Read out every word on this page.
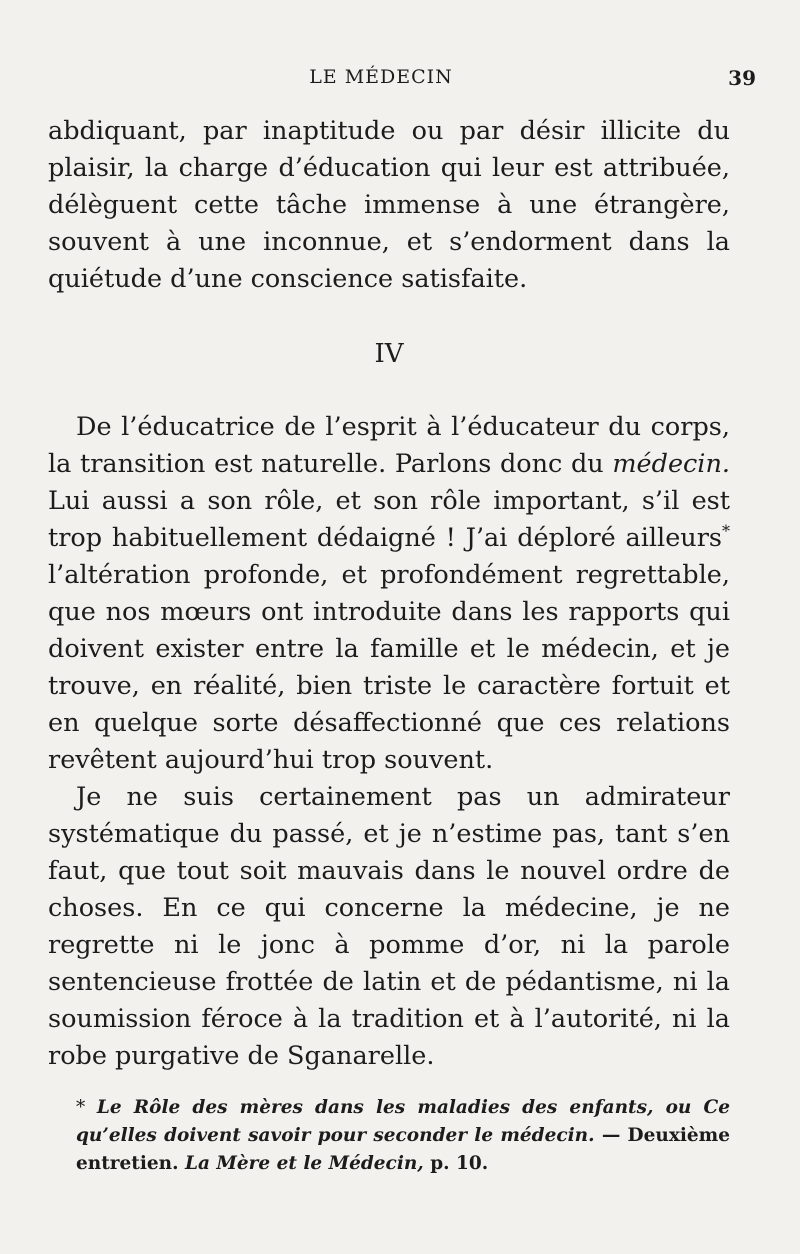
LE MÉDECIN	39

abdiquant, par inaptitude ou par désir illicite du plaisir, la charge d’éducation qui leur est attribuée, délèguent cette tâche immense à une étrangère, souvent à une inconnue, et s’endorment dans la quiétude d’une conscience satisfaite.

IV

De l’éducatrice de l’esprit à l’éducateur du corps, la transition est naturelle. Parlons donc du médecin. Lui aussi a son rôle, et son rôle important, s’il est trop habituellement dédaigné ! J’ai déploré ailleurs* l’altération profonde, et profondément regrettable, que nos mœurs ont introduite dans les rapports qui doivent exister entre la famille et le médecin, et je trouve, en réalité, bien triste le caractère fortuit et en quelque sorte désaffectionné que ces relations revêtent aujourd’hui trop souvent.

Je ne suis certainement pas un admirateur systématique du passé, et je n’estime pas, tant s’en faut, que tout soit mauvais dans le nouvel ordre de choses. En ce qui concerne la médecine, je ne regrette ni le jonc à pomme d’or, ni la parole sentencieuse frottée de latin et de pédantisme, ni la soumission féroce à la tradition et à l’autorité, ni la robe purgative de Sganarelle.

* Le Rôle des mères dans les maladies des enfants, ou Ce qu’elles doivent savoir pour seconder le médecin. — Deuxième entretien. La Mère et le Médecin, p. 10.
